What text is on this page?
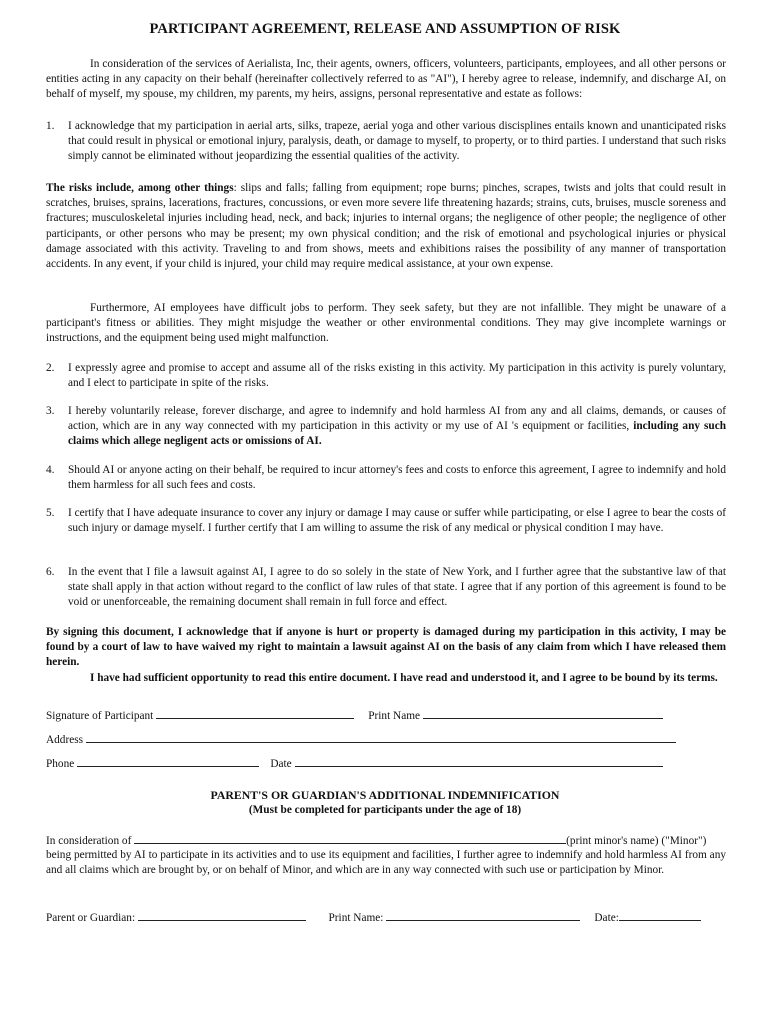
PARTICIPANT AGREEMENT, RELEASE AND ASSUMPTION OF RISK

In consideration of the services of Aerialista, Inc, their agents, owners, officers, volunteers, participants, employees, and all other persons or entities acting in any capacity on their behalf (hereinafter collectively referred to as "AI"), I hereby agree to release, indemnify, and discharge AI, on behalf of myself, my spouse, my children, my parents, my heirs, assigns, personal representative and estate as follows:

1.	I acknowledge that my participation in aerial arts, silks, trapeze, aerial yoga and other various discisplines entails known and unanticipated risks that could result in physical or emotional injury, paralysis, death, or damage to myself, to property, or to third parties. I understand that such risks simply cannot be eliminated without jeopardizing the essential qualities of the activity.

The risks include, among other things: slips and falls; falling from equipment; rope burns; pinches, scrapes, twists and jolts that could result in scratches, bruises, sprains, lacerations, fractures, concussions, or even more severe life threatening hazards; strains, cuts, bruises, muscle soreness and fractures; musculoskeletal injuries including head, neck, and back; injuries to internal organs; the negligence of other people; the negligence of other participants, or other persons who may be present; my own physical condition; and the risk of emotional and psychological injuries or physical damage associated with this activity. Traveling to and from shows, meets and exhibitions raises the possibility of any manner of transportation accidents. In any event, if your child is injured, your child may require medical assistance, at your own expense.

Furthermore, AI employees have difficult jobs to perform. They seek safety, but they are not infallible. They might be unaware of a participant's fitness or abilities. They might misjudge the weather or other environmental conditions. They may give incomplete warnings or instructions, and the equipment being used might malfunction.

2.	I expressly agree and promise to accept and assume all of the risks existing in this activity. My participation in this activity is purely voluntary, and I elect to participate in spite of the risks.
3.	I hereby voluntarily release, forever discharge, and agree to indemnify and hold harmless AI from any and all claims, demands, or causes of action, which are in any way connected with my participation in this activity or my use of AI 's equipment or facilities, including any such claims which allege negligent acts or omissions of AI.
4.	Should AI or anyone acting on their behalf, be required to incur attorney's fees and costs to enforce this agreement, I agree to indemnify and hold them harmless for all such fees and costs.
5.	I certify that I have adequate insurance to cover any injury or damage I may cause or suffer while participating, or else I agree to bear the costs of such injury or damage myself. I further certify that I am willing to assume the risk of any medical or physical condition I may have.
6.	In the event that I file a lawsuit against AI, I agree to do so solely in the state of New York, and I further agree that the substantive law of that state shall apply in that action without regard to the conflict of law rules of that state. I agree that if any portion of this agreement is found to be void or unenforceable, the remaining document shall remain in full force and effect.

By signing this document, I acknowledge that if anyone is hurt or property is damaged during my participation in this activity, I may be found by a court of law to have waived my right to maintain a lawsuit against AI on the basis of any claim from which I have released them herein.

I have had sufficient opportunity to read this entire document. I have read and understood it, and I agree to be bound by its terms.

Signature of Participant	Print Name
Address
Phone	Date
PARENT'S OR GUARDIAN'S ADDITIONAL INDEMNIFICATION
(Must be completed for participants under the age of 18)
In consideration of	(print minor's name) ("Minor")

being permitted by AI to participate in its activities and to use its equipment and facilities, I further agree to indemnify and hold harmless AI from any and all claims which are brought by, or on behalf of Minor, and which are in any way connected with such use or participation by Minor.

Parent or Guardian:	Print Name:	Date:
